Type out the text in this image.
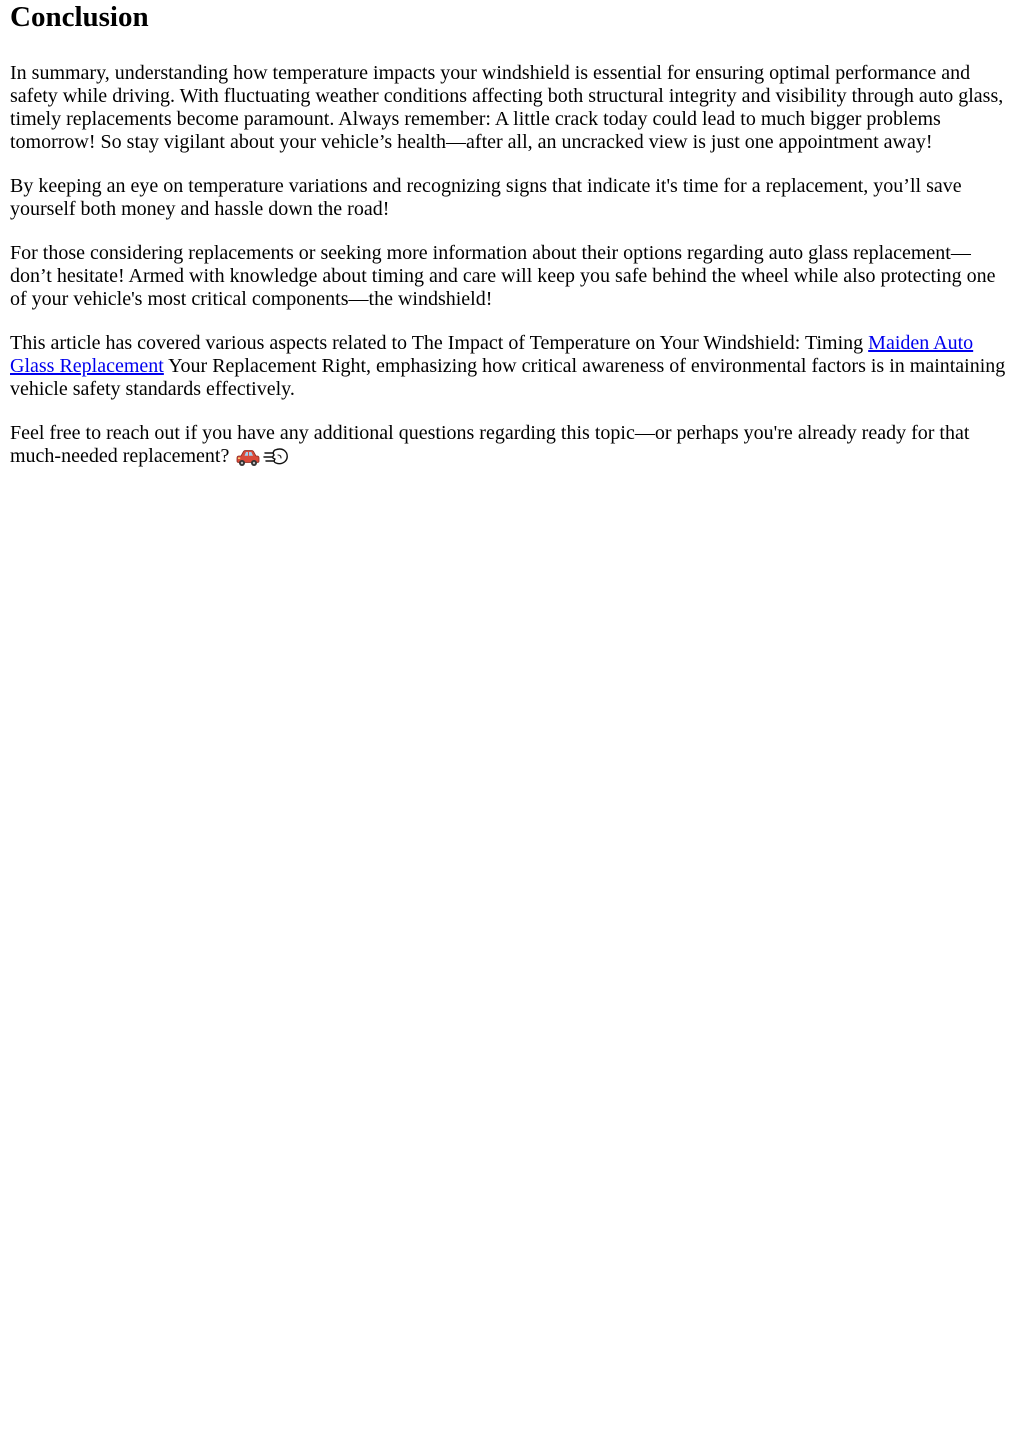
Conclusion

In summary, understanding how temperature impacts your windshield is essential for ensuring optimal performance and safety while driving. With fluctuating weather conditions affecting both structural integrity and visibility through auto glass, timely replacements become paramount. Always remember: A little crack today could lead to much bigger problems tomorrow! So stay vigilant about your vehicle’s health—after all, an uncracked view is just one appointment away!

By keeping an eye on temperature variations and recognizing signs that indicate it's time for a replacement, you’ll save yourself both money and hassle down the road!

For those considering replacements or seeking more information about their options regarding auto glass replacement—don’t hesitate! Armed with knowledge about timing and care will keep you safe behind the wheel while also protecting one of your vehicle's most critical components—the windshield!

This article has covered various aspects related to The Impact of Temperature on Your Windshield: Timing Maiden Auto Glass Replacement Your Replacement Right, emphasizing how critical awareness of environmental factors is in maintaining vehicle safety standards effectively.

Feel free to reach out if you have any additional questions regarding this topic—or perhaps you're already ready for that much-needed replacement?
